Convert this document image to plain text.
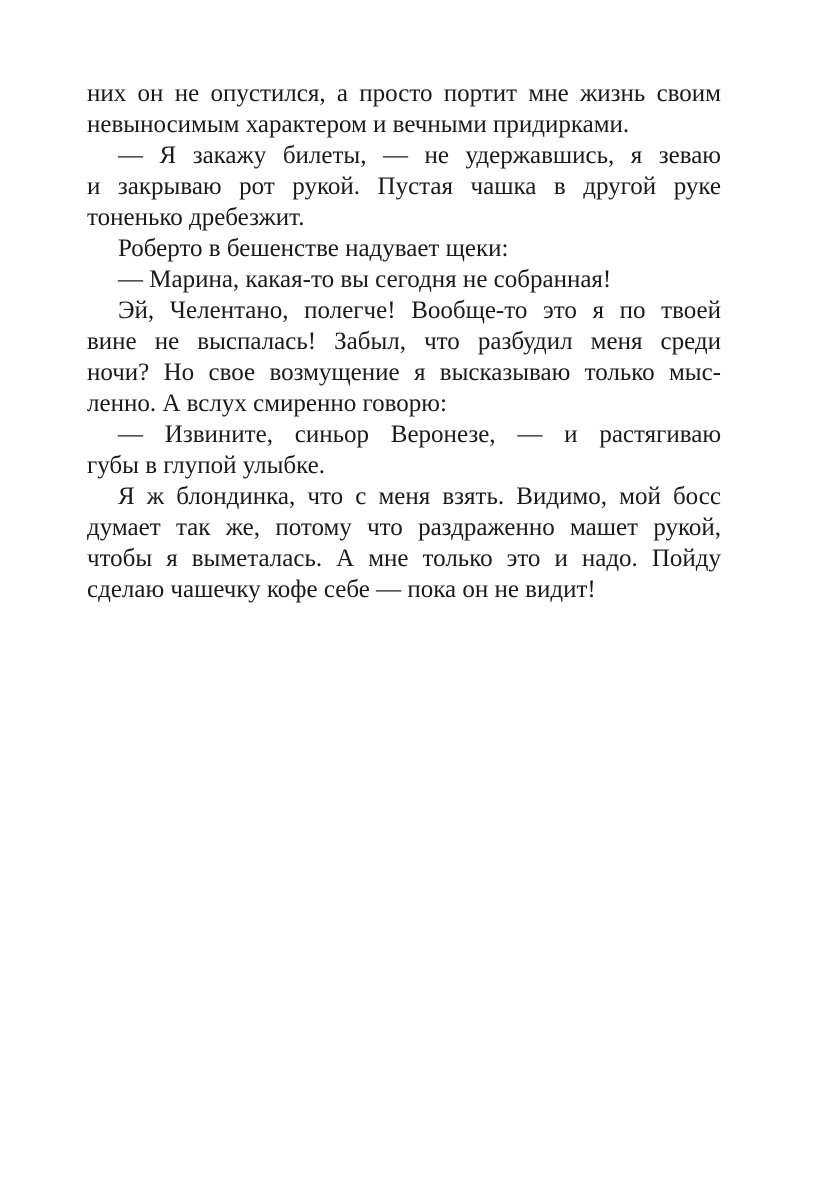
них он не опустился, а просто портит мне жизнь своим
невыносимым характером и вечными придирками.
— Я закажу билеты, — не удержавшись, я зеваю
и закрываю рот рукой. Пустая чашка в другой руке
тоненько дребезжит.
Роберто в бешенстве надувает щеки:
— Марина, какая-то вы сегодня не собранная!
Эй, Челентано, полегче! Вообще-то это я по твоей
вине не выспалась! Забыл, что разбудил меня среди
ночи? Но свое возмущение я высказываю только мыс-
ленно. А вслух смиренно говорю:
— Извините, синьор Веронезе, — и растягиваю
губы в глупой улыбке.
Я ж блондинка, что с меня взять. Видимо, мой босс
думает так же, потому что раздраженно машет рукой,
чтобы я выметалась. А мне только это и надо. Пойду
сделаю чашечку кофе себе — пока он не видит!
